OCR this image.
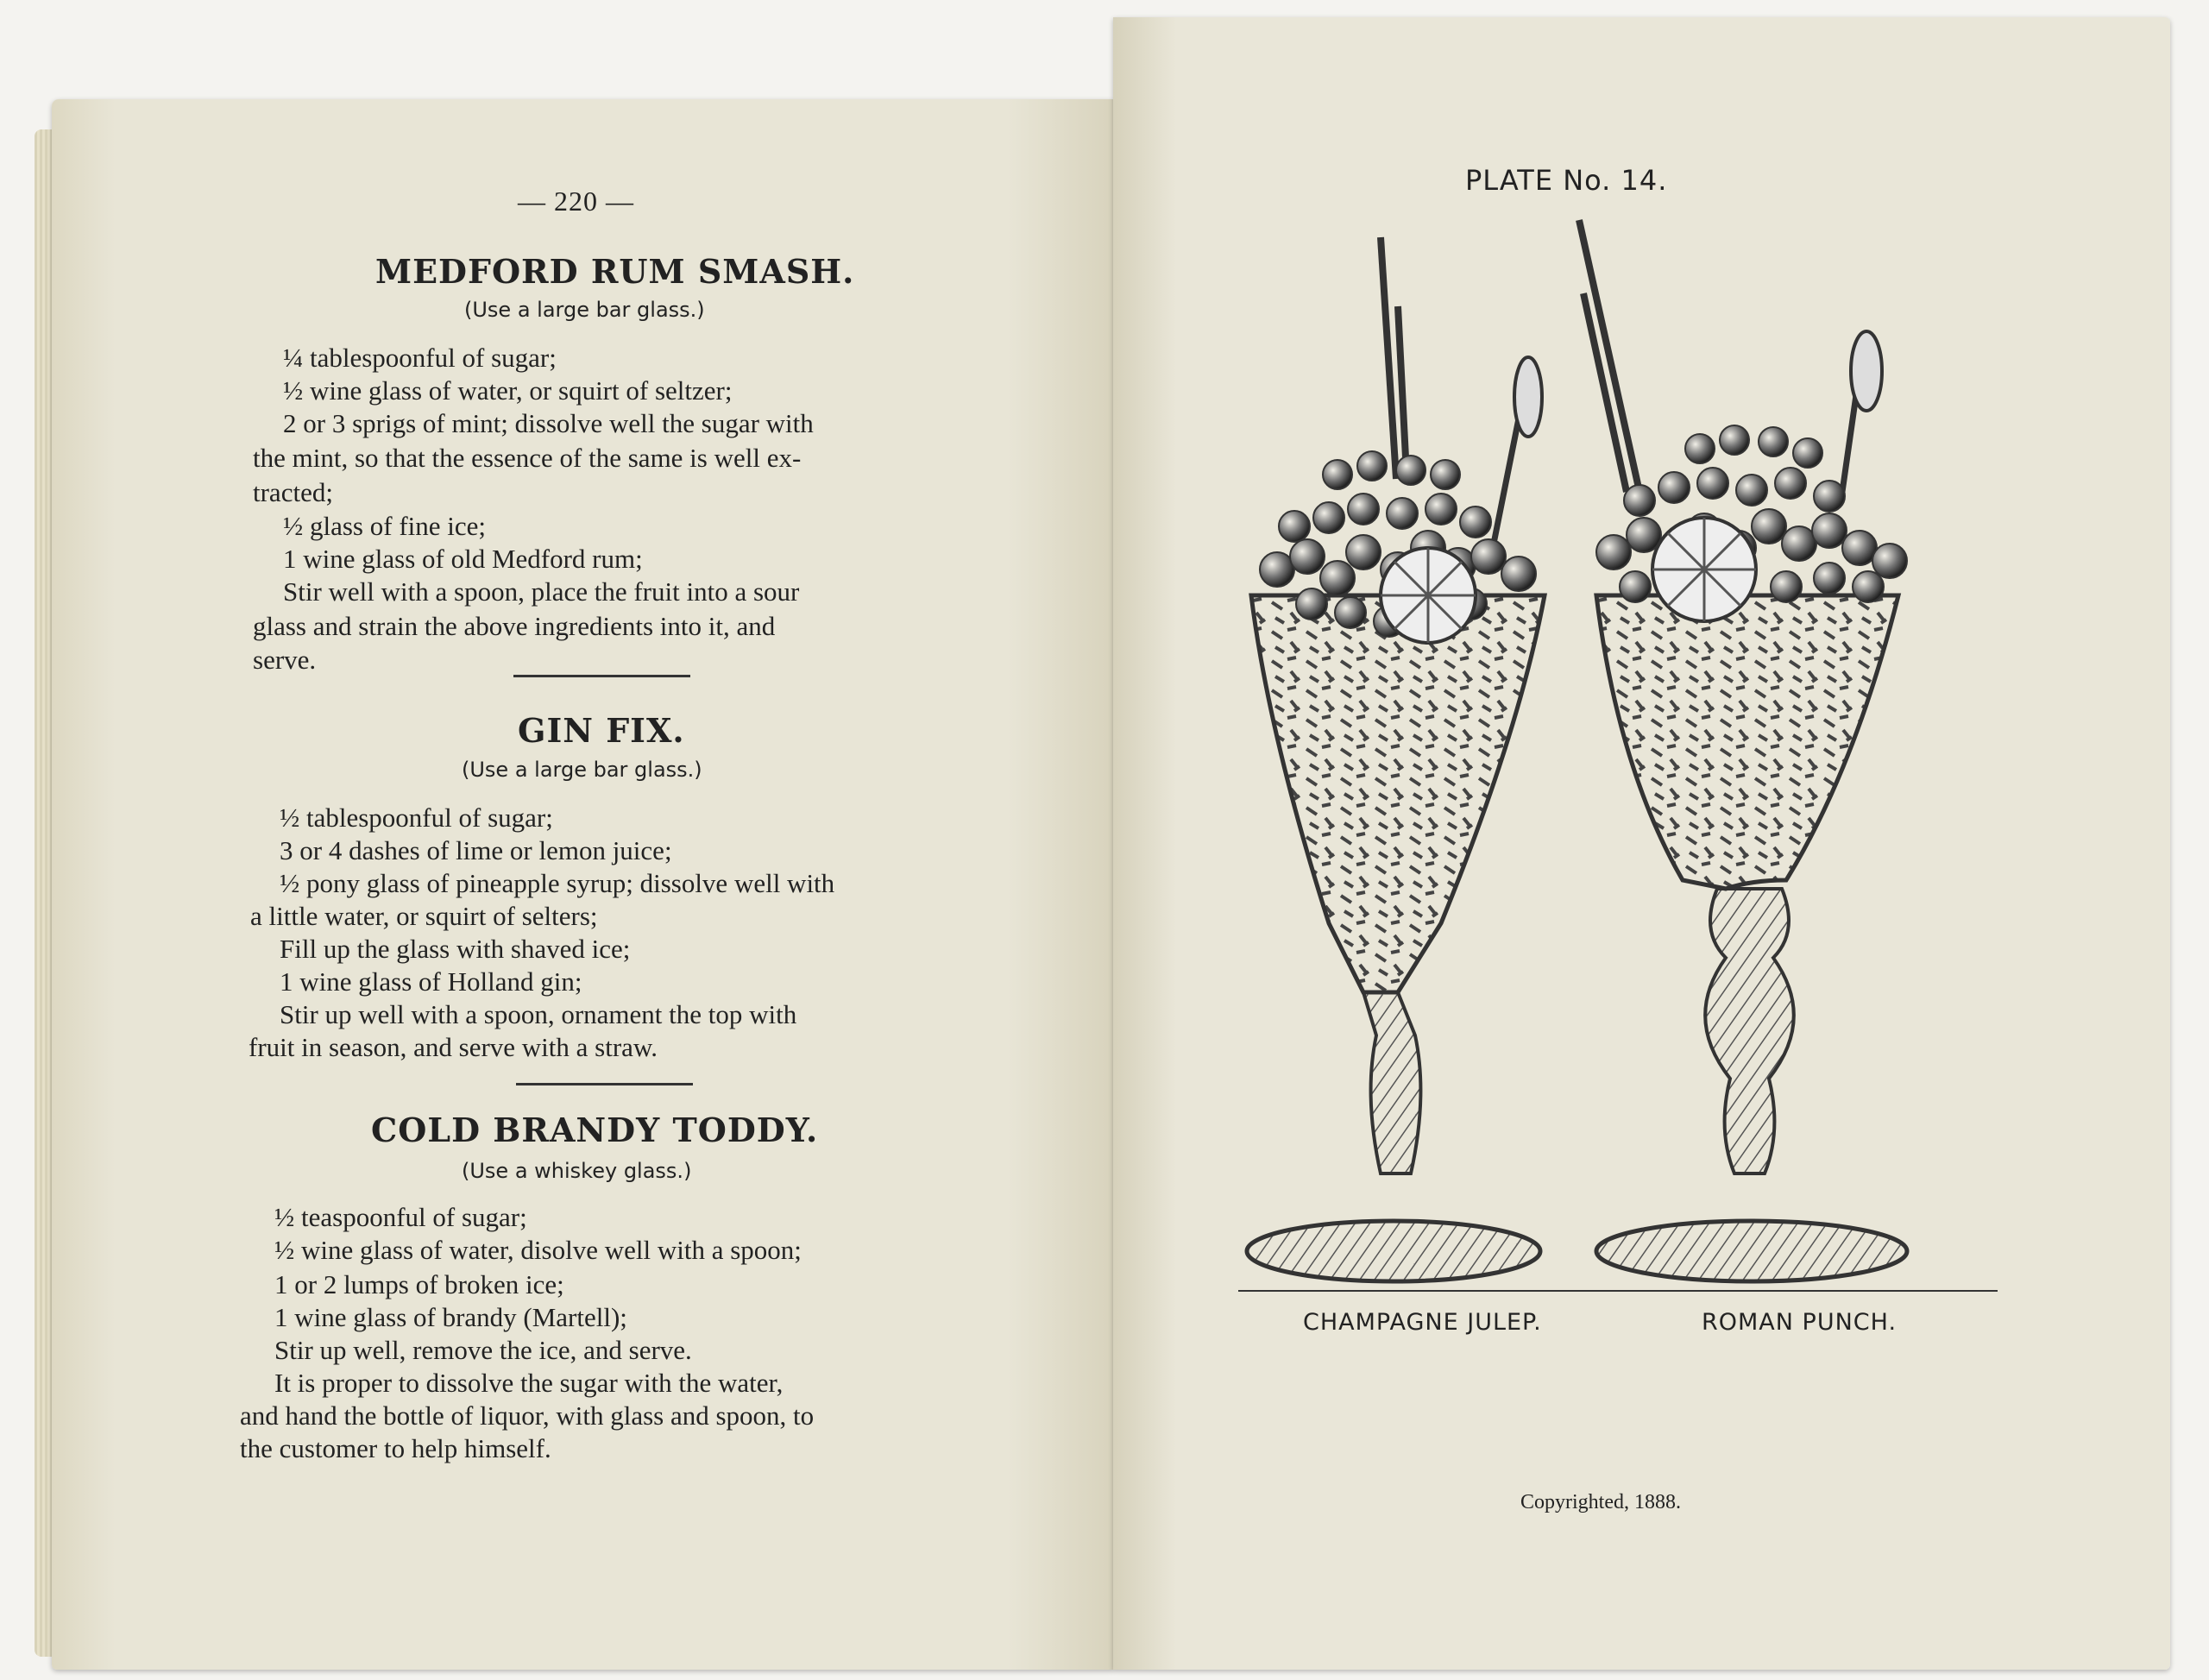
— 220 —
MEDFORD RUM SMASH.
(Use a large bar glass.)
¼ tablespoonful of sugar;
½ wine glass of water, or squirt of seltzer;
2 or 3 sprigs of mint; dissolve well the sugar with
the mint, so that the essence of the same is well ex-
tracted;
½ glass of fine ice;
1 wine glass of old Medford rum;
Stir well with a spoon, place the fruit into a sour
glass and strain the above ingredients into it, and
serve.
GIN FIX.
(Use a large bar glass.)
½ tablespoonful of sugar;
3 or 4 dashes of lime or lemon juice;
½ pony glass of pineapple syrup; dissolve well with
a little water, or squirt of selters;
Fill up the glass with shaved ice;
1 wine glass of Holland gin;
Stir up well with a spoon, ornament the top with
fruit in season, and serve with a straw.
COLD BRANDY TODDY.
(Use a whiskey glass.)
½ teaspoonful of sugar;
½ wine glass of water, disolve well with a spoon;
1 or 2 lumps of broken ice;
1 wine glass of brandy (Martell);
Stir up well, remove the ice, and serve.
It is proper to dissolve the sugar with the water,
and hand the bottle of liquor, with glass and spoon, to
the customer to help himself.
PLATE No. 14.
CHAMPAGNE JULEP.	ROMAN PUNCH.
Copyrighted, 1888.
